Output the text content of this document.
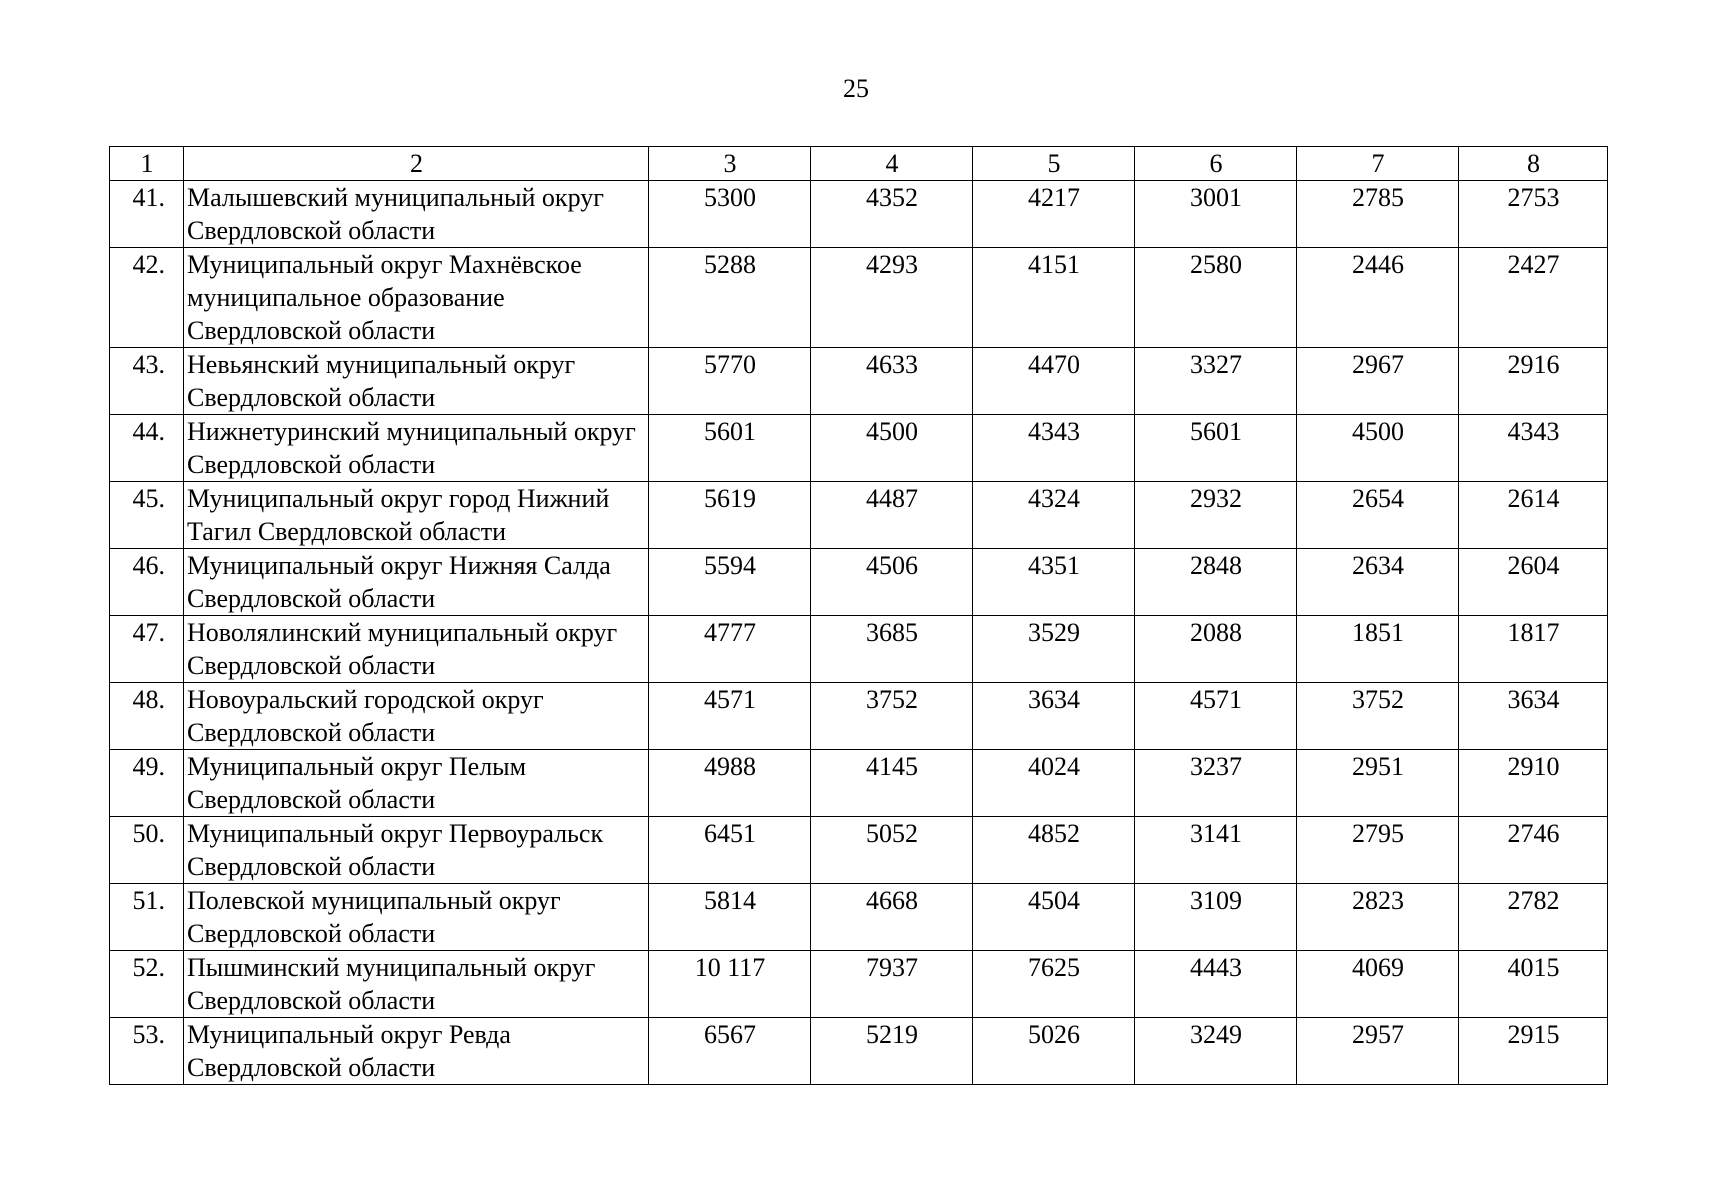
25
1	2	3	4	5	6	7	8
41.	Малышевский муниципальный округ Свердловской области	5300	4352	4217	3001	2785	2753
42.	Муниципальный округ Махнёвское муниципальное образование Свердловской области	5288	4293	4151	2580	2446	2427
43.	Невьянский муниципальный округ Свердловской области	5770	4633	4470	3327	2967	2916
44.	Нижнетуринский муниципальный округ Свердловской области	5601	4500	4343	5601	4500	4343
45.	Муниципальный округ город Нижний Тагил Свердловской области	5619	4487	4324	2932	2654	2614
46.	Муниципальный округ Нижняя Салда Свердловской области	5594	4506	4351	2848	2634	2604
47.	Новолялинский муниципальный округ Свердловской области	4777	3685	3529	2088	1851	1817
48.	Новоуральский городской округ Свердловской области	4571	3752	3634	4571	3752	3634
49.	Муниципальный округ Пелым Свердловской области	4988	4145	4024	3237	2951	2910
50.	Муниципальный округ Первоуральск Свердловской области	6451	5052	4852	3141	2795	2746
51.	Полевской муниципальный округ Свердловской области	5814	4668	4504	3109	2823	2782
52.	Пышминский муниципальный округ Свердловской области	10 117	7937	7625	4443	4069	4015
53.	Муниципальный округ Ревда Свердловской области	6567	5219	5026	3249	2957	2915
